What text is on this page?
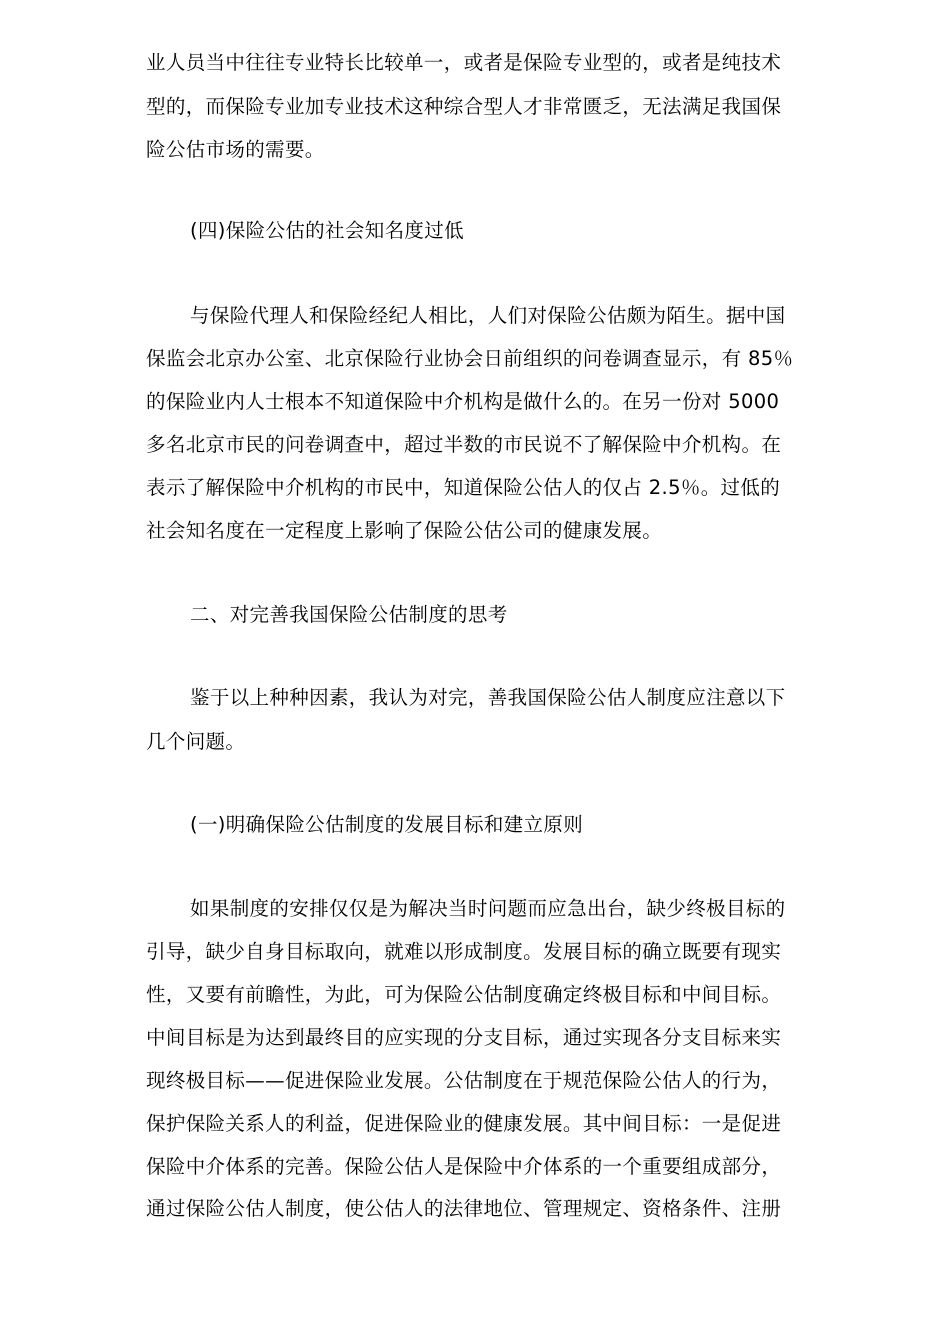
业人员当中往往专业特长比较单一，或者是保险专业型的，或者是纯技术
型的，而保险专业加专业技术这种综合型人才非常匮乏，无法满足我国保
险公估市场的需要。
(四)保险公估的社会知名度过低
与保险代理人和保险经纪人相比，人们对保险公估颇为陌生。据中国
保监会北京办公室、北京保险行业协会日前组织的问卷调查显示，有 85％
的保险业内人士根本不知道保险中介机构是做什么的。在另一份对 5000
多名北京市民的问卷调查中，超过半数的市民说不了解保险中介机构。在
表示了解保险中介机构的市民中，知道保险公估人的仅占 2.5％。过低的
社会知名度在一定程度上影响了保险公估公司的健康发展。
二、对完善我国保险公估制度的思考
鉴于以上种种因素，我认为对完，善我国保险公估人制度应注意以下
几个问题。
(一)明确保险公估制度的发展目标和建立原则
如果制度的安排仅仅是为解决当时问题而应急出台，缺少终极目标的
引导，缺少自身目标取向，就难以形成制度。发展目标的确立既要有现实
性，又要有前瞻性，为此，可为保险公估制度确定终极目标和中间目标。
中间目标是为达到最终目的应实现的分支目标，通过实现各分支目标来实
现终极目标——促进保险业发展。公估制度在于规范保险公估人的行为，
保护保险关系人的利益，促进保险业的健康发展。其中间目标：一是促进
保险中介体系的完善。保险公估人是保险中介体系的一个重要组成部分，
通过保险公估人制度，使公估人的法律地位、管理规定、资格条件、注册
